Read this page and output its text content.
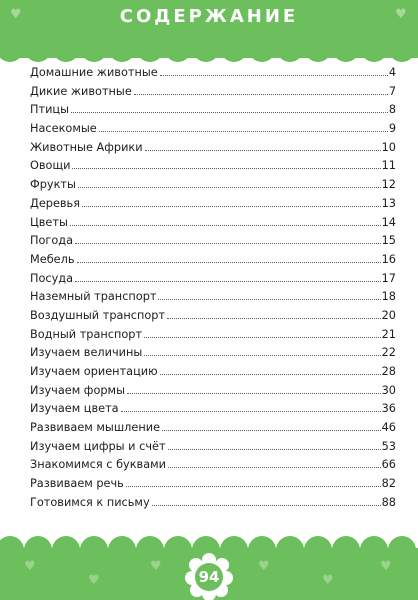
СОДЕРЖАНИЕ
♥	♥
Домашние животные	4
Дикие животные	7
Птицы	8
Насекомые	9
Животные Африки	10
Овощи	11
Фрукты	12
Деревья	13
Цветы	14
Погода	15
Мебель	16
Посуда	17
Наземный транспорт	18
Воздушный транспорт	20
Водный транспорт	21
Изучаем величины	22
Изучаем ориентацию	28
Изучаем формы	30
Изучаем цвета	36
Развиваем мышление	46
Изучаем цифры и счёт	53
Знакомимся с буквами	66
Развиваем речь	82
Готовимся к письму	88
94
♥
♥
♥	♥
♥
♥
